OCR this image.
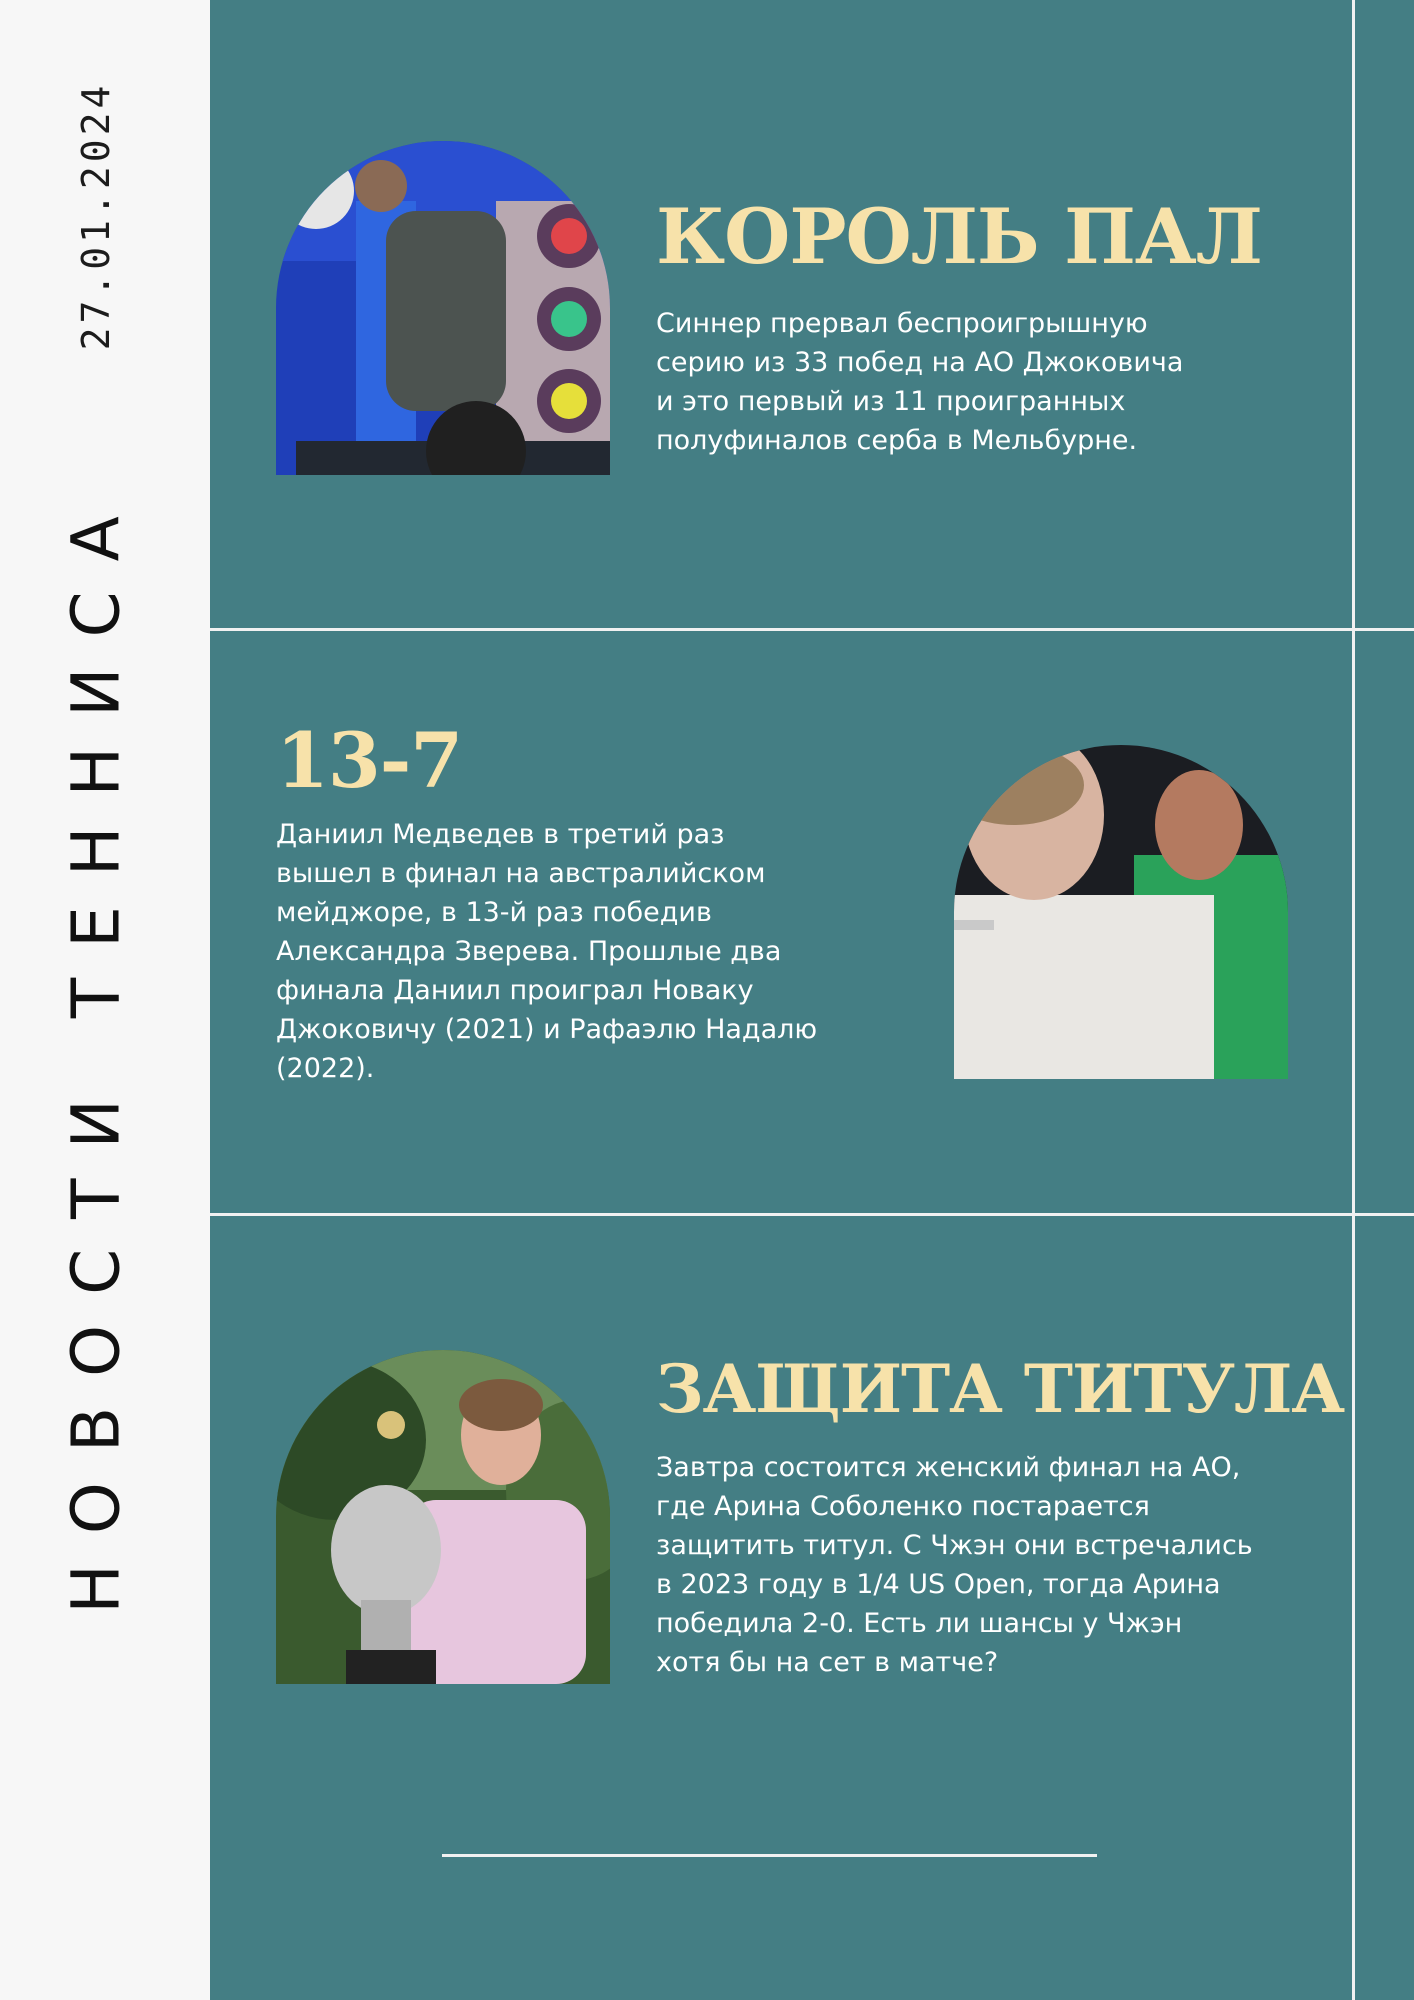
27.01.2024
НОВОСТИ ТЕННИСА
КОРОЛЬ ПАЛ
Синнер прервал беспроигрышную
серию из 33 побед на АО Джоковича
и это первый из 11 проигранных
полуфиналов серба в Мельбурне.
13-7
Даниил Медведев в третий раз
вышел в финал на австралийском
мейджоре, в 13-й раз победив
Александра Зверева. Прошлые два
финала Даниил проиграл Новаку
Джоковичу (2021) и Рафаэлю Надалю
(2022).
ЗАЩИТА ТИТУЛА
Завтра состоится женский финал на АО,
где Арина Соболенко постарается
защитить титул. С Чжэн они встречались
в 2023 году в 1/4 US Open, тогда Арина
победила 2-0. Есть ли шансы у Чжэн
хотя бы на сет в матче?
